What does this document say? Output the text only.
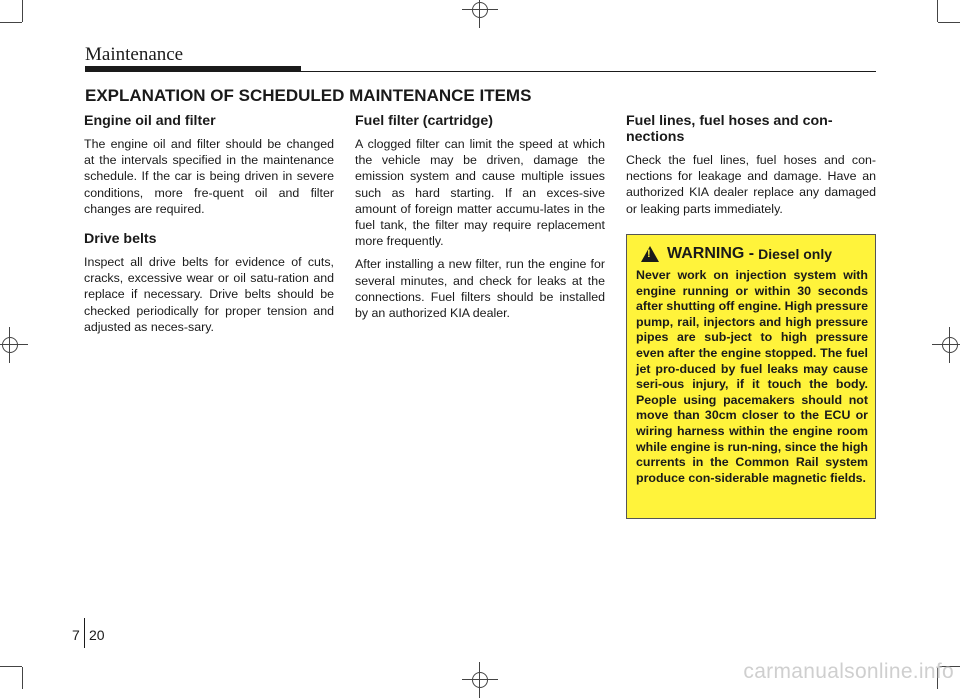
Maintenance
EXPLANATION OF SCHEDULED MAINTENANCE ITEMS
Engine oil and filter

The engine oil and filter should be changed at the intervals specified in the maintenance schedule. If the car is being driven in severe conditions, more fre-quent oil and filter changes are required.

Drive belts

Inspect all drive belts for evidence of cuts, cracks, excessive wear or oil satu-ration and replace if necessary. Drive belts should be checked periodically for proper tension and adjusted as neces-sary.

Fuel filter (cartridge)

A clogged filter can limit the speed at which the vehicle may be driven, damage the emission system and cause multiple issues such as hard starting. If an exces-sive amount of foreign matter accumu-lates in the fuel tank, the filter may require replacement more frequently.

After installing a new filter, run the engine for several minutes, and check for leaks at the connections. Fuel filters should be installed by an authorized KIA dealer.

Fuel lines, fuel hoses and con-nections

Check the fuel lines, fuel hoses and con-nections for leakage and damage. Have an authorized KIA dealer replace any damaged or leaking parts immediately.

!
WARNING - Diesel only

Never work on injection system with engine running or within 30 seconds after shutting off engine. High pressure pump, rail, injectors and high pressure pipes are sub-ject to high pressure even after the engine stopped. The fuel jet pro-duced by fuel leaks may cause seri-ous injury, if it touch the body. People using pacemakers should not move than 30cm closer to the ECU or wiring harness within the engine room while engine is run-ning, since the high currents in the Common Rail system produce con-siderable magnetic fields.

7 20
carmanualsonline.info
